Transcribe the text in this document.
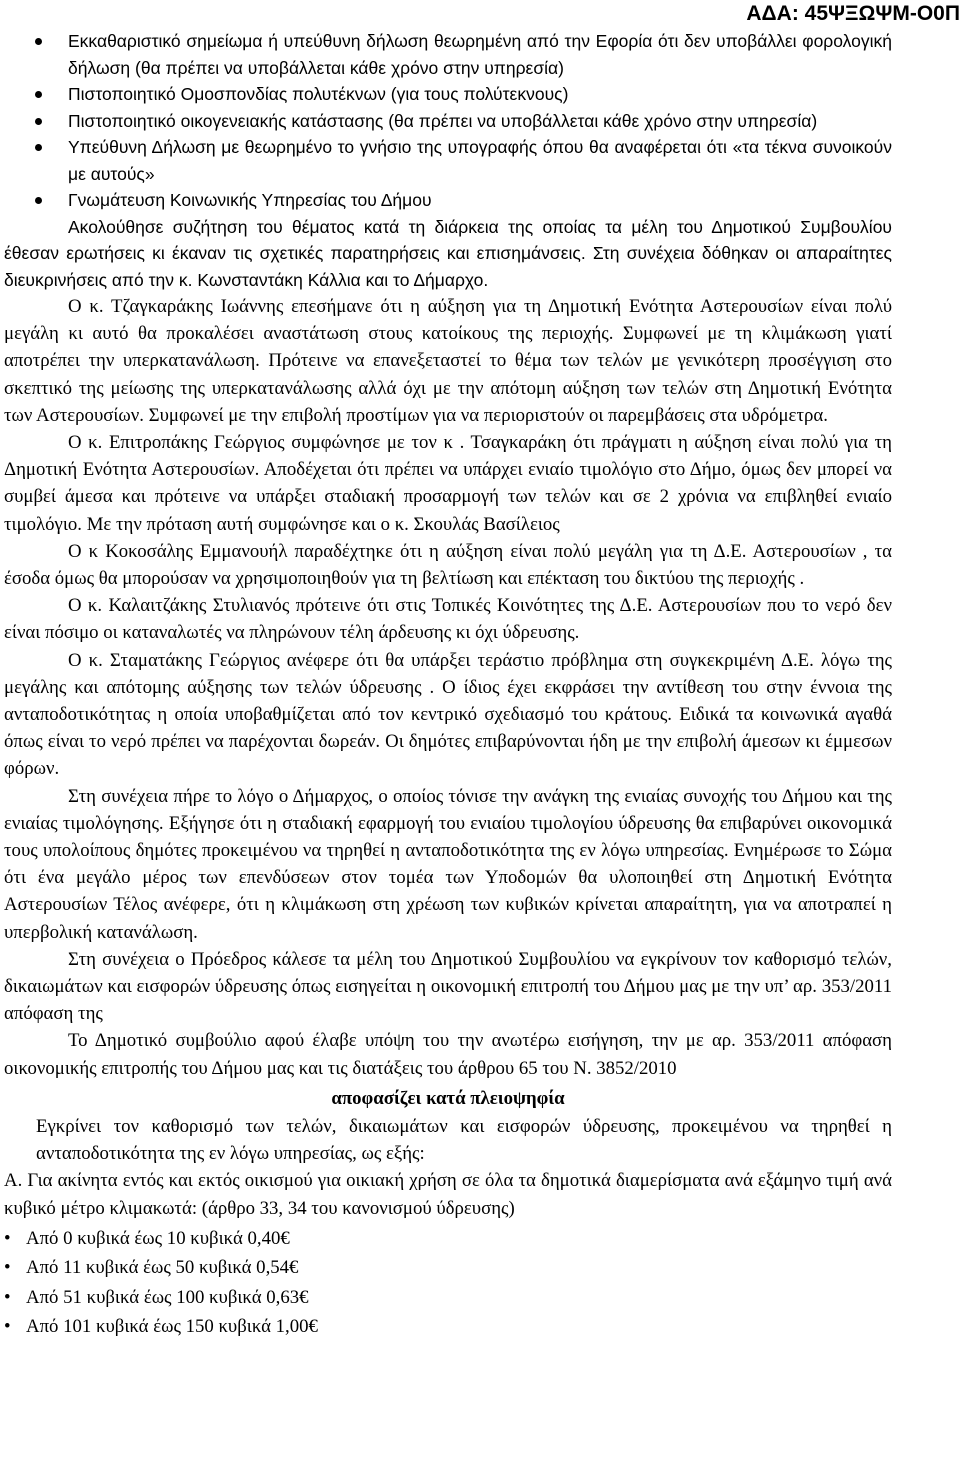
ΑΔΑ: 45ΨΞΩΨΜ-Ο0Π
Εκκαθαριστικό σημείωμα ή υπεύθυνη δήλωση θεωρημένη από την Εφορία ότι δεν υποβάλλει φορολογική δήλωση (θα πρέπει να υποβάλλεται κάθε χρόνο στην υπηρεσία)
Πιστοποιητικό Ομοσπονδίας πολυτέκνων (για τους πολύτεκνους)
Πιστοποιητικό οικογενειακής κατάστασης (θα πρέπει να υποβάλλεται κάθε χρόνο στην υπηρεσία)
Υπεύθυνη Δήλωση με θεωρημένο το γνήσιο της υπογραφής όπου θα αναφέρεται ότι «τα τέκνα συνοικούν με αυτούς»
Γνωμάτευση Κοινωνικής Υπηρεσίας του Δήμου

Ακολούθησε συζήτηση του θέματος κατά τη διάρκεια της οποίας τα μέλη του Δημοτικού Συμβουλίου έθεσαν ερωτήσεις κι έκαναν τις σχετικές παρατηρήσεις και επισημάνσεις. Στη συνέχεια δόθηκαν οι απαραίτητες διευκρινήσεις από την κ. Κωνσταντάκη Κάλλια και το Δήμαρχο.

Ο κ. Τζαγκαράκης Ιωάννης επεσήμανε ότι η αύξηση για τη Δημοτική Ενότητα Αστερουσίων είναι πολύ μεγάλη κι αυτό θα προκαλέσει αναστάτωση στους κατοίκους της περιοχής. Συμφωνεί με τη κλιμάκωση γιατί αποτρέπει την υπερκατανάλωση. Πρότεινε να επανεξεταστεί το θέμα των τελών με γενικότερη προσέγγιση στο σκεπτικό της μείωσης της υπερκατανάλωσης αλλά όχι με την απότομη αύξηση των τελών στη Δημοτική Ενότητα των Αστερουσίων. Συμφωνεί με την επιβολή προστίμων για να περιοριστούν οι παρεμβάσεις στα υδρόμετρα.

Ο κ. Επιτροπάκης Γεώργιος συμφώνησε με τον κ . Τσαγκαράκη ότι πράγματι η αύξηση είναι πολύ για τη Δημοτική Ενότητα Αστερουσίων. Αποδέχεται ότι πρέπει να υπάρχει ενιαίο τιμολόγιο στο Δήμο, όμως δεν μπορεί να συμβεί άμεσα και πρότεινε να υπάρξει σταδιακή προσαρμογή των τελών και σε 2 χρόνια να επιβληθεί ενιαίο τιμολόγιο. Με την πρόταση αυτή συμφώνησε και ο κ. Σκουλάς Βασίλειος

Ο κ Κοκοσάλης Εμμανουήλ παραδέχτηκε ότι η αύξηση είναι πολύ μεγάλη για τη Δ.Ε. Αστερουσίων , τα έσοδα όμως θα μπορούσαν να χρησιμοποιηθούν για τη βελτίωση και επέκταση του δικτύου της περιοχής .

Ο κ. Καλαιτζάκης Στυλιανός πρότεινε ότι στις Τοπικές Κοινότητες της Δ.Ε. Αστερουσίων που το νερό δεν είναι πόσιμο οι καταναλωτές να πληρώνουν τέλη άρδευσης κι όχι ύδρευσης.

Ο κ. Σταματάκης Γεώργιος ανέφερε ότι θα υπάρξει τεράστιο πρόβλημα στη συγκεκριμένη Δ.Ε. λόγω της μεγάλης και απότομης αύξησης των τελών ύδρευσης . Ο ίδιος έχει εκφράσει την αντίθεση του στην έννοια της ανταποδοτικότητας η οποία υποβαθμίζεται από τον κεντρικό σχεδιασμό του κράτους. Ειδικά τα κοινωνικά αγαθά όπως είναι το νερό πρέπει να παρέχονται δωρεάν. Οι δημότες επιβαρύνονται ήδη με την επιβολή άμεσων κι έμμεσων φόρων.

Στη συνέχεια πήρε το λόγο ο Δήμαρχος, ο οποίος τόνισε την ανάγκη της ενιαίας συνοχής του Δήμου και της ενιαίας τιμολόγησης. Εξήγησε ότι η σταδιακή εφαρμογή του ενιαίου τιμολογίου ύδρευσης θα επιβαρύνει οικονομικά τους υπολοίπους δημότες προκειμένου να τηρηθεί η ανταποδοτικότητα της εν λόγω υπηρεσίας. Ενημέρωσε το Σώμα ότι ένα μεγάλο μέρος των επενδύσεων στον τομέα των Υποδομών θα υλοποιηθεί στη Δημοτική Ενότητα Αστερουσίων Τέλος ανέφερε, ότι η κλιμάκωση στη χρέωση των κυβικών κρίνεται απαραίτητη, για να αποτραπεί η υπερβολική κατανάλωση.

Στη συνέχεια ο Πρόεδρος κάλεσε τα μέλη του Δημοτικού Συμβουλίου να εγκρίνουν τον καθορισμό τελών, δικαιωμάτων και εισφορών ύδρευσης όπως εισηγείται η οικονομική επιτροπή του Δήμου μας με την υπ’ αρ. 353/2011 απόφαση της

Το Δημοτικό συμβούλιο αφού έλαβε υπόψη του την ανωτέρω εισήγηση, την με αρ. 353/2011 απόφαση οικονομικής επιτροπής του Δήμου μας και τις διατάξεις του άρθρου 65 του Ν. 3852/2010

αποφασίζει κατά πλειοψηφία

Εγκρίνει τον καθορισμό των τελών, δικαιωμάτων και εισφορών ύδρευσης, προκειμένου να τηρηθεί η ανταποδοτικότητα της εν λόγω υπηρεσίας, ως εξής:

Α. Για ακίνητα εντός και εκτός οικισμού για οικιακή χρήση σε όλα τα δημοτικά διαμερίσματα ανά εξάμηνο τιμή ανά κυβικό μέτρο κλιμακωτά: (άρθρο 33, 34 του κανονισμού ύδρευσης)

• Από 0 κυβικά έως 10 κυβικά 0,40€
• Από 11 κυβικά έως 50 κυβικά 0,54€
• Από 51 κυβικά έως 100 κυβικά 0,63€
• Από 101 κυβικά έως 150 κυβικά 1,00€
